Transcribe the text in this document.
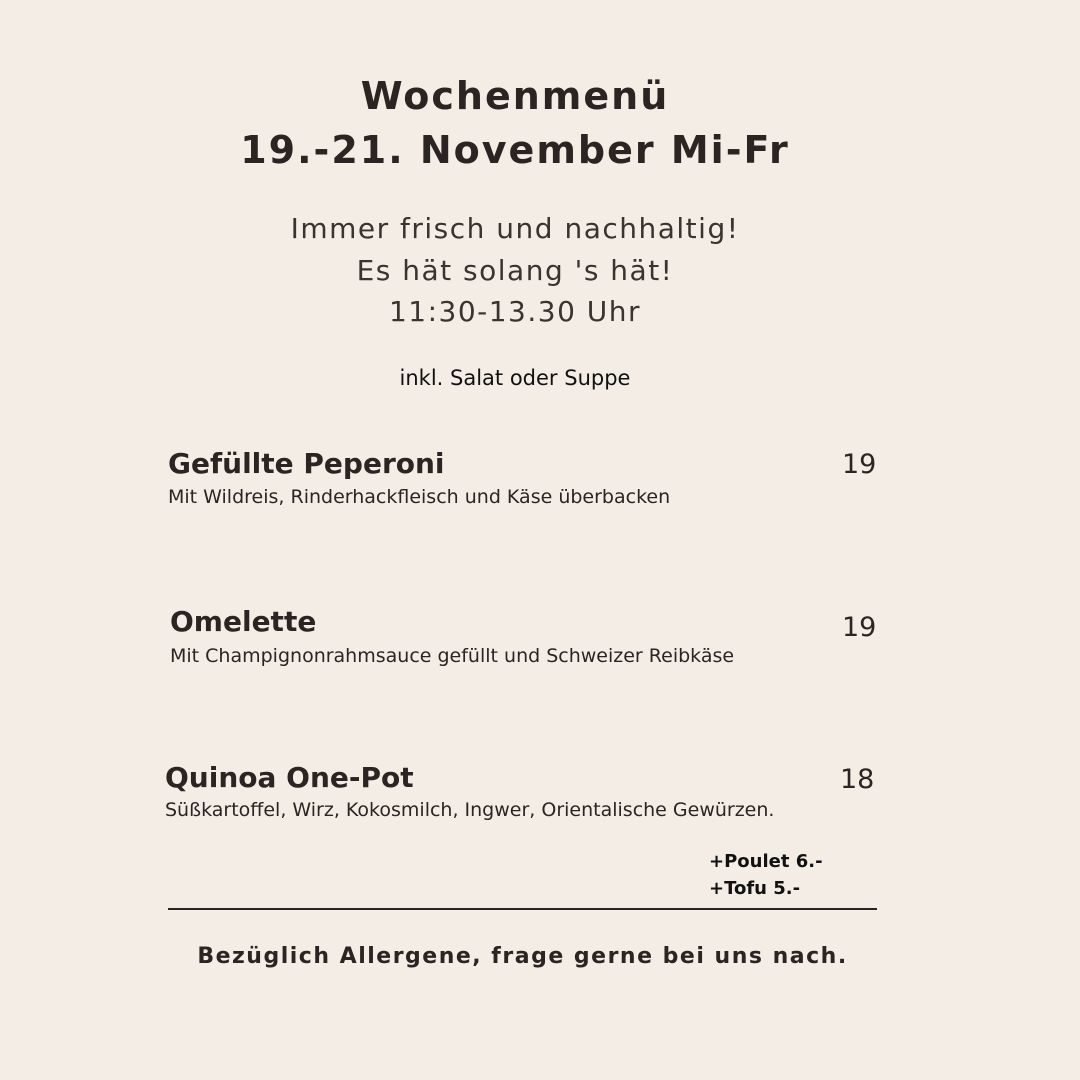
Wochenmenü
19.-21. November Mi-Fr
Immer frisch und nachhaltig!
Es hät solang 's hät!
11:30-13.30 Uhr
inkl. Salat oder Suppe
Gefüllte Peperoni	19
Mit Wildreis, Rinderhackfleisch und Käse überbacken
Omelette	19
Mit Champignonrahmsauce gefüllt und Schweizer Reibkäse
Quinoa One-Pot	18
Süßkartoffel, Wirz, Kokosmilch, Ingwer, Orientalische Gewürzen.
+Poulet 6.-
+Tofu 5.-
Bezüglich Allergene, frage gerne bei uns nach.
